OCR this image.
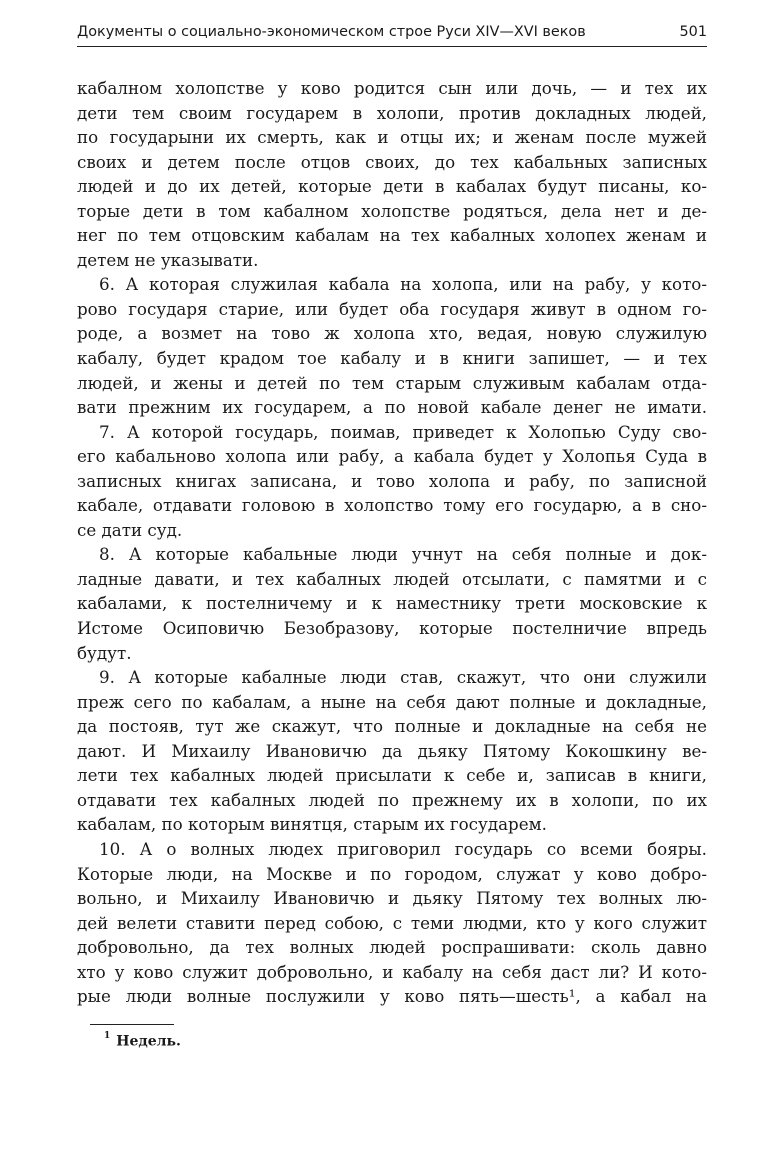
Документы о социально-экономическом строе Руси XIV—XVI веков	501
кабалном холопстве у ково родится сын или дочь, — и тех их
дети тем своим государем в холопи, против докладных людей,
по государыни их смерть, как и отцы их; и женам после мужей
своих и детем после отцов своих, до тех кабальных записных
людей и до их детей, которые дети в кабалах будут писаны, ко-
торые дети в том кабалном холопстве родяться, дела нет и де-
нег по тем отцовским кабалам на тех кабалных холопех женам и
детем не указывати.
6. А которая служилая кабала на холопа, или на рабу, у кото-
рово государя старие, или будет оба государя живут в одном го-
роде, а возмет на тово ж холопа хто, ведая, новую служилую
кабалу, будет крадом тое кабалу и в книги запишет, — и тех
людей, и жены и детей по тем старым служивым кабалам отда-
вати прежним их государем, а по новой кабале денег не имати.
7. А которой государь, поимав, приведет к Холопью Суду сво-
его кабальново холопа или рабу, а кабала будет у Холопья Суда в
записных книгах записана, и тово холопа и рабу, по записной
кабале, отдавати головою в холопство тому его государю, а в сно-
се дати суд.
8. А которые кабальные люди учнут на себя полные и док-
ладные давати, и тех кабалных людей отсылати, с памятми и с
кабалами, к постелничему и к наместнику трети московские к
Истоме Осиповичю Безобразову, которые постелничие впредь
будут.
9. А которые кабалные люди став, скажут, что они служили
преж сего по кабалам, а ныне на себя дают полные и докладные,
да постояв, тут же скажут, что полные и докладные на себя не
дают. И Михаилу Ивановичю да дьяку Пятому Кокошкину ве-
лети тех кабалных людей присылати к себе и, записав в книги,
отдавати тех кабалных людей по прежнему их в холопи, по их
кабалам, по которым винятця, старым их государем.
10. А о волных людех приговорил государь со всеми бояры.
Которые люди, на Москве и по городом, служат у ково добро-
вольно, и Михаилу Ивановичю и дьяку Пятому тех волных лю-
дей велети ставити перед собою, с теми людми, кто у кого служит
добровольно, да тех волных людей роспрашивати: сколь давно
хто у ково служит добровольно, и кабалу на себя даст ли? И кото-
рые люди волные послужили у ково пять—шесть¹, а кабал на
$^1$ Недель.
